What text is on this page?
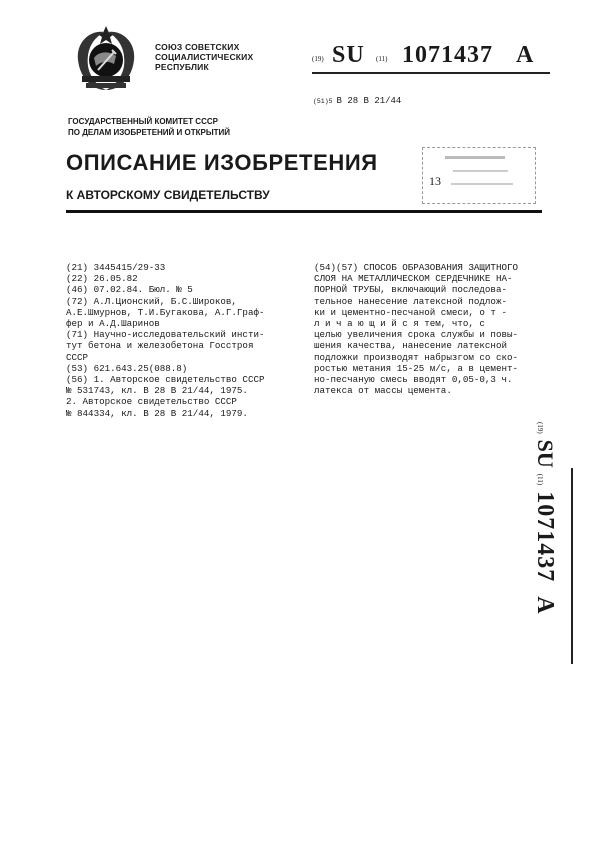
СОЮЗ СОВЕТСКИХ
СОЦИАЛИСТИЧЕСКИХ
РЕСПУБЛИК
(19) SU (11) 1071437 A
(51)5 В 28 В 21/44
ГОСУДАРСТВЕННЫЙ КОМИТЕТ СССР
ПО ДЕЛАМ ИЗОБРЕТЕНИЙ И ОТКРЫТИЙ
ОПИСАНИЕ ИЗОБРЕТЕНИЯ
К АВТОРСКОМУ СВИДЕТЕЛЬСТВУ
13
(21) 3445415/29-33
(22) 26.05.82
(46) 07.02.84. Бюл. № 5
(72) А.Л.Ционский, Б.С.Широков,
А.Е.Шмурнов, Т.И.Бугакова, А.Г.Граф-
фер и А.Д.Шаринов
(71) Научно-исследовательский инсти-
тут бетона и железобетона Госстроя
СССР
(53) 621.643.25(088.8)
(56) 1. Авторское свидетельство СССР
№ 531743, кл. В 28 В 21/44, 1975.
2. Авторское свидетельство СССР
№ 844334, кл. В 28 В 21/44, 1979.
(54)(57) СПОСОБ ОБРАЗОВАНИЯ ЗАЩИТНОГО
СЛОЯ НА МЕТАЛЛИЧЕСКОМ СЕРДЕЧНИКЕ НА-
ПОРНОЙ ТРУБЫ, включающий последова-
тельное нанесение латексной подлож-
ки и цементно-песчаной смеси, о т -
л и ч а ю щ и й с я тем, что, с
целью увеличения срока службы и повы-
шения качества, нанесение латексной
подложки производят набрызгом со ско-
ростью метания 15-25 м/с, а в цемент-
но-песчаную смесь вводят 0,05-0,3 ч.
латекса от массы цемента.
(19)SU(11)1071437A
